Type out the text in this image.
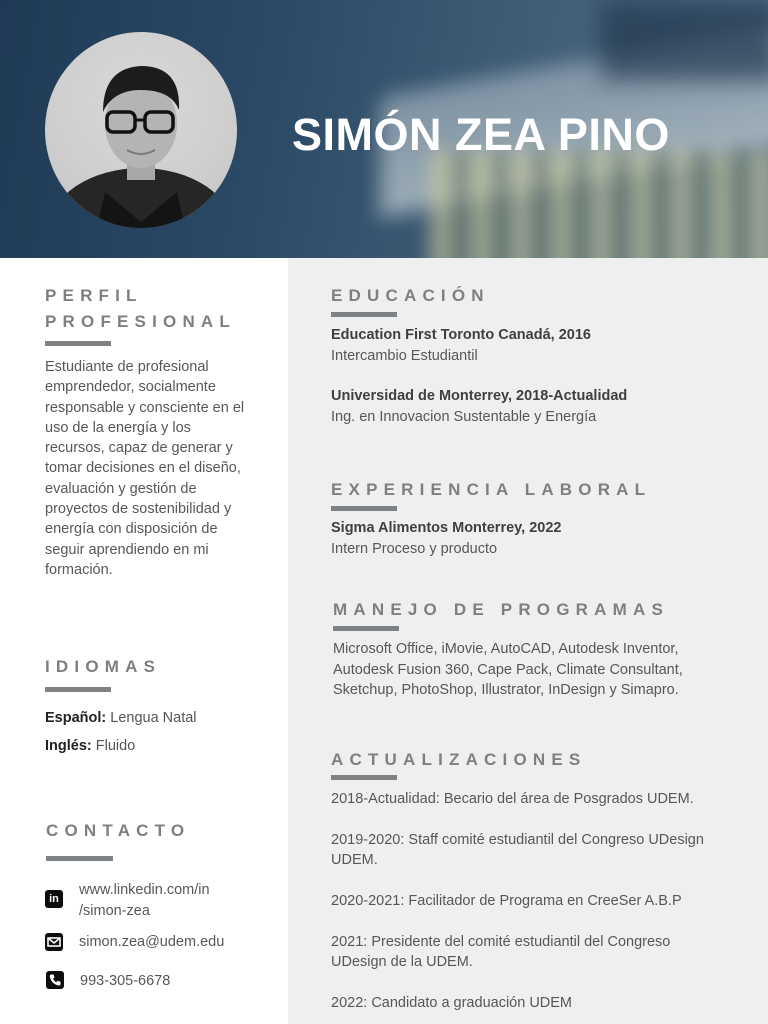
SIMÓN ZEA PINO
PERFIL
PROFESIONAL

Estudiante de profesional emprendedor, socialmente responsable y consciente en el uso de la energía y los recursos, capaz de generar y tomar decisiones en el diseño, evaluación y gestión de proyectos de sostenibilidad y energía con disposición de seguir aprendiendo en mi formación.

IDIOMAS

Español: Lengua Natal

Inglés: Fluido

CONTACTO
in

www.linkedin.com/in

/simon-zea

simon.zea@udem.edu

993-305-6678

EDUCACIÓN

Education First Toronto Canadá, 2016

Intercambio Estudiantil

Universidad de Monterrey, 2018-Actualidad

Ing. en Innovacion Sustentable y Energía

EXPERIENCIA LABORAL

Sigma Alimentos Monterrey, 2022

Intern Proceso y producto

MANEJO DE PROGRAMAS

Microsoft Office, iMovie, AutoCAD, Autodesk Inventor,

Autodesk Fusion 360, Cape Pack, Climate Consultant,

Sketchup, PhotoShop, Illustrator, InDesign y Simapro.

ACTUALIZACIONES

2018-Actualidad: Becario del área de Posgrados UDEM.

2019-2020: Staff comité estudiantil del Congreso UDesign

UDEM.

2020-2021: Facilitador de Programa en CreeSer A.B.P

2021: Presidente del comité estudiantil del Congreso

UDesign de la UDEM.

2022: Candidato a graduación UDEM
